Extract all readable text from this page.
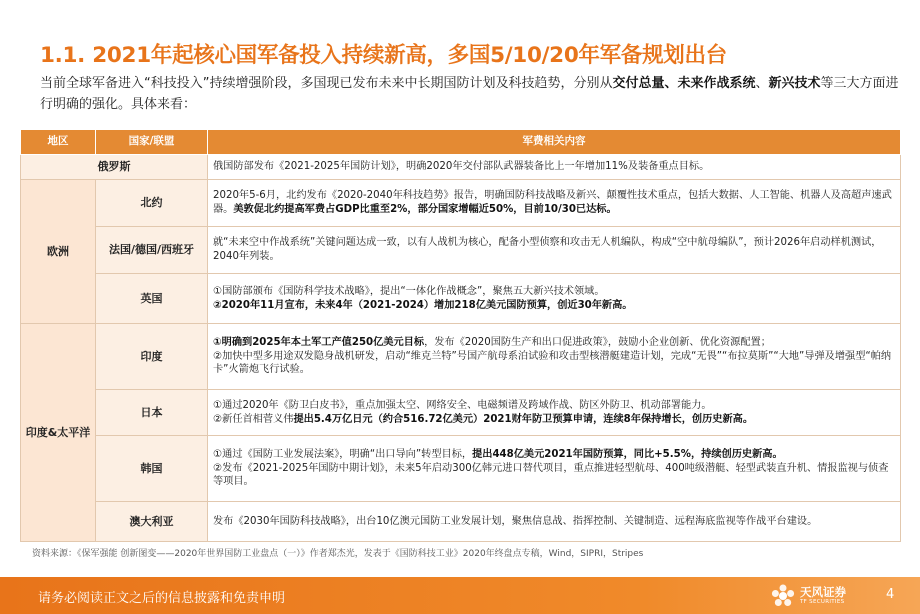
1.1. 2021年起核心国军备投入持续新高，多国5/10/20年军备规划出台
当前全球军备进入“科技投入”持续增强阶段，多国现已发布未来中长期国防计划及科技趋势，分别从交付总量、未来作战系统、新兴技术等三大方面进行明确的强化。具体来看：
地区	国家/联盟	军费相关内容
俄罗斯		俄国防部发布《2021-2025年国防计划》，明确2020年交付部队武器装备比上一年增加11%及装备重点目标。
欧洲	北约	2020年5-6月，北约发布《2020-2040年科技趋势》报告，明确国防科技战略及新兴、颠覆性技术重点，包括大数据、人工智能、机器人及高超声速武器。美敦促北约提高军费占GDP比重至2%，部分国家增幅近50%，目前10/30已达标。
	法国/德国/西班牙	就“未来空中作战系统”关键问题达成一致，以有人战机为核心，配备小型侦察和攻击无人机编队，构成“空中航母编队”，预计2026年启动样机测试，2040年列装。
	英国	①国防部颁布《国防科学技术战略》，提出“一体化作战概念”，聚焦五大新兴技术领域。
②2020年11月宣布，未来4年（2021-2024）增加218亿美元国防预算，创近30年新高。

印度&太平洋	印度	①明确到2025年本土军工产值250亿美元目标，发布《2020国防生产和出口促进政策》，鼓励小企业创新、优化资源配置；
②加快中型多用途双发隐身战机研发，启动“维克兰特”号国产航母系泊试验和攻击型核潜艇建造计划，完成“无畏”“布拉莫斯”“大地”导弹及增强型“帕纳卡”火箭炮飞行试验。

	日本	①通过2020年《防卫白皮书》，重点加强太空、网络安全、电磁频谱及跨域作战、防区外防卫、机动部署能力。
②新任首相菅义伟提出5.4万亿日元（约合516.72亿美元）2021财年防卫预算申请，连续8年保持增长，创历史新高。
	韩国	①通过《国防工业发展法案》，明确“出口导向”转型目标，提出448亿美元2021年国防预算，同比+5.5%，持续创历史新高。
②发布《2021-2025年国防中期计划》，未来5年启动300亿韩元进口替代项目，重点推进轻型航母、400吨级潜艇、轻型武装直升机、情报监视与侦查等项目。

	澳大利亚	发布《2030年国防科技战略》，出台10亿澳元国防工业发展计划，聚焦信息战、指挥控制、关键制造、远程海底监视等作战平台建设。
资料来源：《保军强能 创新图变——2020年世界国防工业盘点（一）》作者郑杰光，发表于《国防科技工业》2020年终盘点专稿，Wind，SIPRI，Stripes
请务必阅读正文之后的信息披露和免责申明	天风证券
TF SECURITIES	4
